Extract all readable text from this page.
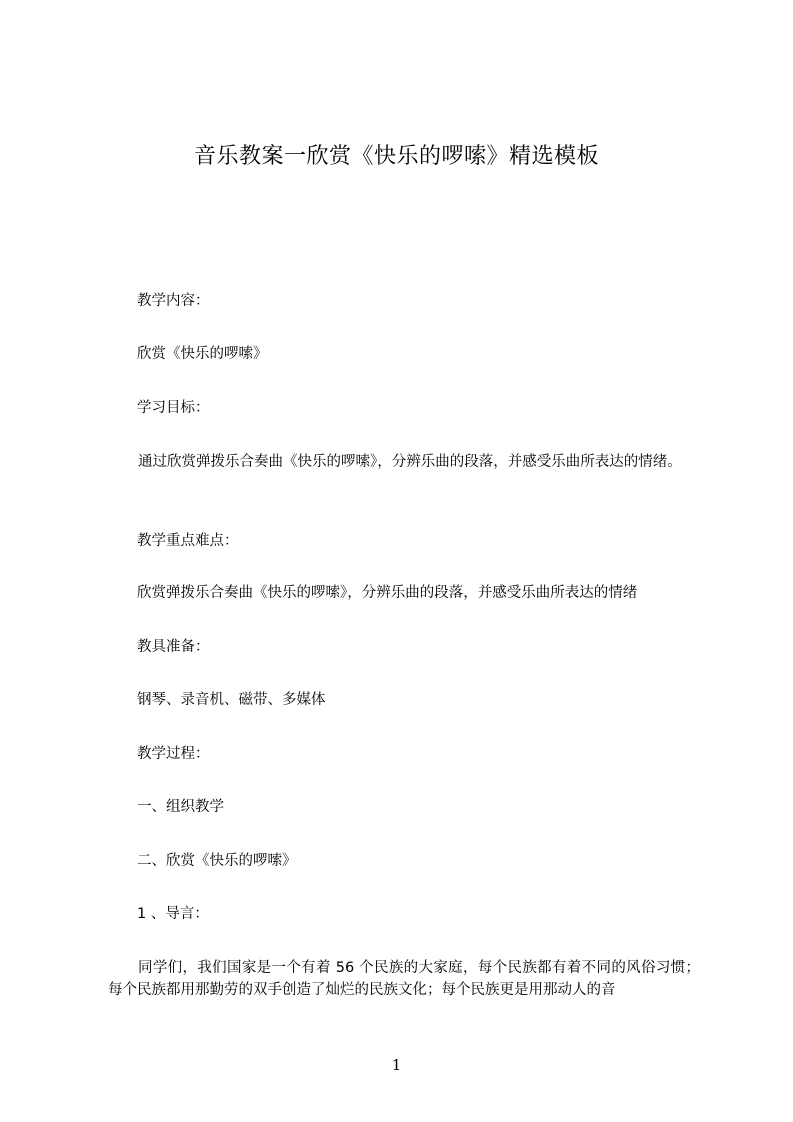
音乐教案一欣赏《快乐的啰嗦》精选模板
教学内容：
欣赏《快乐的啰嗦》
学习目标：
通过欣赏弹拨乐合奏曲《快乐的啰嗦》，分辨乐曲的段落，并感受乐曲所表达的情绪。
教学重点难点：
欣赏弹拨乐合奏曲《快乐的啰嗦》，分辨乐曲的段落，并感受乐曲所表达的情绪
教具准备：
钢琴、录音机、磁带、多媒体
教学过程：
一、组织教学
二、欣赏《快乐的啰嗦》
1 、导言：
同学们，我们国家是一个有着 56 个民族的大家庭，每个民族都有着不同的风俗习惯；每个民族都用那勤劳的双手创造了灿烂的民族文化；每个民族更是用那动人的音
1
